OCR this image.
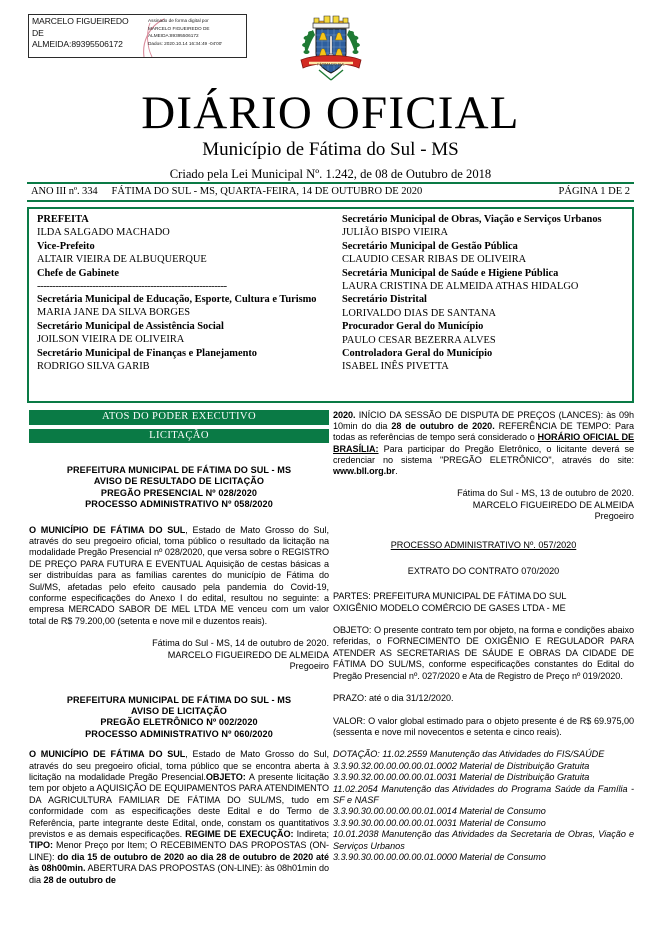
MARCELO FIGUEIREDO
DE
ALMEIDA:89395506172
Assinado de forma digital por
MARCELO FIGUEIREDO DE
ALMEIDA:89395506172
Dados: 2020.10.14 16:34:49 -04'00'
FÁTIMA DO SUL
DIÁRIO OFICIAL
Município de Fátima do Sul - MS
Criado pela Lei Municipal Nº. 1.242, de 08 de Outubro de 2018
ANO III nº. 334 FÁTIMA DO SUL - MS, QUARTA-FEIRA, 14 DE OUTUBRO DE 2020	PÁGINA 1 DE 2
PREFEITA
ILDA SALGADO MACHADO
Vice-Prefeito
ALTAIR VIEIRA DE ALBUQUERQUE
Chefe de Gabinete
--------------------------------------------------------------
Secretária Municipal de Educação, Esporte, Cultura e Turismo
MARIA JANE DA SILVA BORGES
Secretário Municipal de Assistência Social
JOILSON VIEIRA DE OLIVEIRA
Secretário Municipal de Finanças e Planejamento
RODRIGO SILVA GARIB
Secretário Municipal de Obras, Viação e Serviços Urbanos
JULIÃO BISPO VIEIRA
Secretário Municipal de Gestão Pública
CLAUDIO CESAR RIBAS DE OLIVEIRA
Secretária Municipal de Saúde e Higiene Pública
LAURA CRISTINA DE ALMEIDA ATHAS HIDALGO
Secretário Distrital
LORIVALDO DIAS DE SANTANA
Procurador Geral do Município
PAULO CESAR BEZERRA ALVES
Controladora Geral do Município
ISABEL INÊS PIVETTA
ATOS DO PODER EXECUTIVO
LICITAÇÃO
PREFEITURA MUNICIPAL DE FÁTIMA DO SUL - MS
AVISO DE RESULTADO DE LICITAÇÃO
PREGÃO PRESENCIAL Nº 028/2020
PROCESSO ADMINISTRATIVO Nº 058/2020
O MUNICÍPIO DE FÁTIMA DO SUL, Estado de Mato Grosso do Sul, através do seu pregoeiro oficial, toma público o resultado da licitação na modalidade Pregão Presencial nº 028/2020, que versa sobre o REGISTRO DE PREÇO PARA FUTURA E EVENTUAL Aquisição de cestas básicas a ser distribuídas para as famílias carentes do município de Fátima do Sul/MS, afetadas pelo efeito causado pela pandemia do Covid-19, conforme especificações do Anexo I do edital, resultou no seguinte: a empresa MERCADO SABOR DE MEL LTDA ME venceu com um valor total de R$ 79.200,00 (setenta e nove mil e duzentos reais).
Fátima do Sul - MS, 14 de outubro de 2020.
MARCELO FIGUEIREDO DE ALMEIDA
Pregoeiro
PREFEITURA MUNICIPAL DE FÁTIMA DO SUL - MS
AVISO DE LICITAÇÃO
PREGÃO ELETRÔNICO Nº 002/2020
PROCESSO ADMINISTRATIVO Nº 060/2020
O MUNICÍPIO DE FÁTIMA DO SUL, Estado de Mato Grosso do Sul, através do seu pregoeiro oficial, torna público que se encontra aberta à licitação na modalidade Pregão Presencial.OBJETO: A presente licitação tem por objeto a AQUISIÇÃO DE EQUIPAMENTOS PARA ATENDIMENTO DA AGRICULTURA FAMILIAR DE FÁTIMA DO SUL/MS, tudo em conformidade com as especificações deste Edital e do Termo de Referência, parte integrante deste Edital, onde, constam os quantitativos previstos e as demais especificações. REGIME DE EXECUÇÃO: Indireta; TIPO: Menor Preço por Item; O RECEBIMENTO DAS PROPOSTAS (ON-LINE): do dia 15 de outubro de 2020 ao dia 28 de outubro de 2020 até às 08h00min. ABERTURA DAS PROPOSTAS (ON-LINE): às 08h01min do dia 28 de outubro de
2020. INÍCIO DA SESSÃO DE DISPUTA DE PREÇOS (LANCES): às 09h 10min do dia 28 de outubro de 2020. REFERÊNCIA DE TEMPO: Para todas as referências de tempo será considerado o HORÁRIO OFICIAL DE BRASÍLIA: Para participar do Pregão Eletrônico, o licitante deverá se credenciar no sistema "PREGÃO ELETRÔNICO", através do site: www.bll.org.br.
Fátima do Sul - MS, 13 de outubro de 2020.
MARCELO FIGUEIREDO DE ALMEIDA
Pregoeiro
PROCESSO ADMINISTRATIVO Nº. 057/2020
EXTRATO DO CONTRATO 070/2020
PARTES: PREFEITURA MUNICIPAL DE FÁTIMA DO SUL
OXIGÊNIO MODELO COMÉRCIO DE GASES LTDA - ME
OBJETO: O presente contrato tem por objeto, na forma e condições abaixo referidas, o FORNECIMENTO DE OXIGÊNIO E REGULADOR PARA ATENDER AS SECRETARIAS DE SÁUDE E OBRAS DA CIDADE DE FÁTIMA DO SUL/MS, conforme especificações constantes do Edital do Pregão Presencial nº. 027/2020 e Ata de Registro de Preço nº 019/2020.
PRAZO: até o dia 31/12/2020.
VALOR: O valor global estimado para o objeto presente é de R$ 69.975,00 (sessenta e nove mil novecentos e setenta e cinco reais).
DOTAÇÃO: 11.02.2559 Manutenção das Atividades do FIS/SAÚDE
3.3.90.32.00.00.00.00.01.0002 Material de Distribuição Gratuita
3.3.90.32.00.00.00.00.01.0031 Material de Distribuição Gratuita
11.02.2054 Manutenção das Atividades do Programa Saúde da Família - SF e NASF
3.3.90.30.00.00.00.00.01.0014 Material de Consumo
3.3.90.30.00.00.00.00.01.0031 Material de Consumo
10.01.2038 Manutenção das Atividades da Secretaria de Obras, Viação e Serviços Urbanos
3.3.90.30.00.00.00.00.01.0000 Material de Consumo
